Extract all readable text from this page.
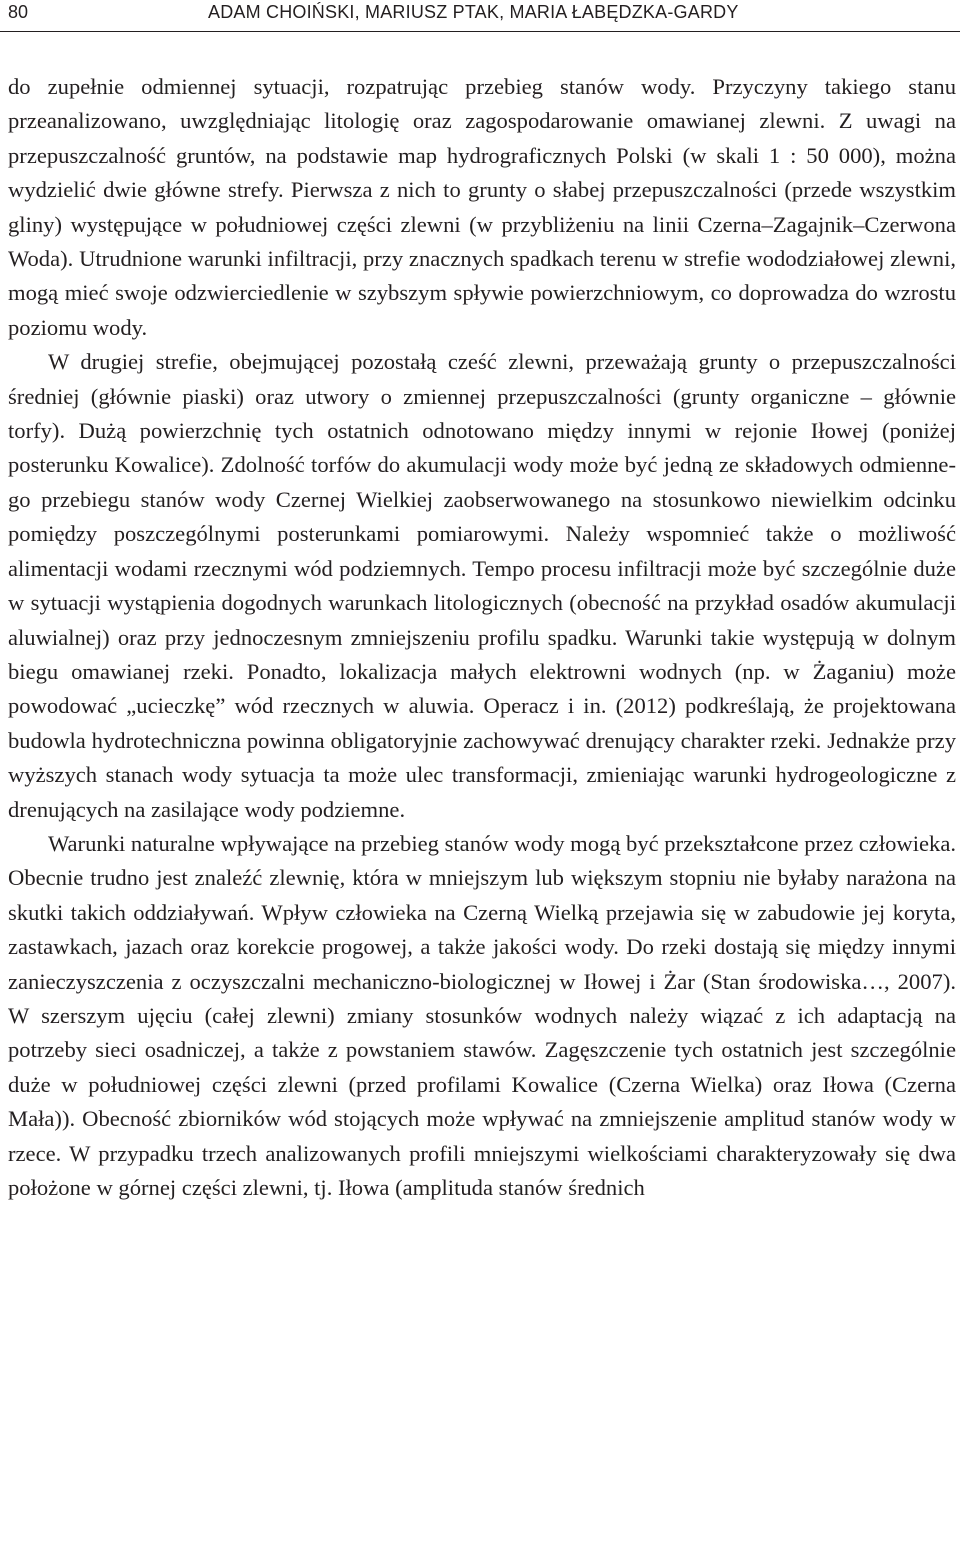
80	ADAM CHOIŃSKI, MARIUSZ PTAK, MARIA ŁABĘDZKA-GARDY

do zupełnie odmiennej sytuacji, rozpatrując przebieg stanów wody. Przyczyny takiego stanu przeanalizowano, uwzględniając litologię oraz zagospodarowanie omawianej zlewni. Z uwagi na przepuszczalność gruntów, na podstawie map hydrograficznych Polski (w skali 1 : 50 000), można wydzielić dwie główne strefy. Pierwsza z nich to grunty o słabej przepuszczalności (przede wszystkim gliny) występujące w południowej części zlewni (w przybliżeniu na linii Czerna–Zagajnik–Czerwona Woda). Utrudnione warunki infiltracji, przy znacznych spadkach terenu w strefie wododziałowej zlewni, mogą mieć swoje odzwierciedlenie w szybszym spływie powierzchniowym, co doprowadza do wzrostu poziomu wody.

W drugiej strefie, obejmującej pozostałą cześć zlewni, przeważają grunty o przepuszczalności średniej (głównie piaski) oraz utwory o zmiennej przepuszczalności (grunty organiczne – głównie torfy). Dużą powierzchnię tych ostatnich odnotowano między innymi w rejonie Iłowej (poniżej posterunku Kowalice). Zdolność torfów do akumulacji wody może być jedną ze składowych odmiennego przebiegu stanów wody Czernej Wielkiej zaobserwowanego na stosunkowo niewielkim odcinku pomiędzy poszczególnymi posterunkami pomiarowymi. Należy wspomnieć także o możliwość alimentacji wodami rzecznymi wód podziemnych. Tempo procesu infiltracji może być szczególnie duże w sytuacji wystąpienia dogodnych warunkach litologicznych (obecność na przykład osadów akumulacji aluwialnej) oraz przy jednoczesnym zmniejszeniu profilu spadku. Warunki takie występują w dolnym biegu omawianej rzeki. Ponadto, lokalizacja małych elektrowni wodnych (np. w Żaganiu) może powodować „ucieczkę” wód rzecznych w aluwia. Operacz i in. (2012) podkreślają, że projektowana budowla hydrotechniczna powinna obligatoryjnie zachowywać drenujący charakter rzeki. Jednakże przy wyższych stanach wody sytuacja ta może ulec transformacji, zmieniając warunki hydrogeologiczne z drenujących na zasilające wody podziemne.

Warunki naturalne wpływające na przebieg stanów wody mogą być przekształcone przez człowieka. Obecnie trudno jest znaleźć zlewnię, która w mniejszym lub większym stopniu nie byłaby narażona na skutki takich oddziaływań. Wpływ człowieka na Czerną Wielką przejawia się w zabudowie jej koryta, zastawkach, jazach oraz korekcie progowej, a także jakości wody. Do rzeki dostają się między innymi zanieczyszczenia z oczyszczalni mechaniczno-biologicznej w Iłowej i Żar (Stan środowiska…, 2007). W szerszym ujęciu (całej zlewni) zmiany stosunków wodnych należy wiązać z ich adaptacją na potrzeby sieci osadniczej, a także z powstaniem stawów. Zagęszczenie tych ostatnich jest szczególnie duże w południowej części zlewni (przed profilami Kowalice (Czerna Wielka) oraz Iłowa (Czerna Mała)). Obecność zbiorników wód stojących może wpływać na zmniejszenie amplitud stanów wody w rzece. W przypadku trzech analizowanych profili mniejszymi wielkościami charakteryzowały się dwa położone w górnej części zlewni, tj. Iłowa (amplituda stanów średnich
